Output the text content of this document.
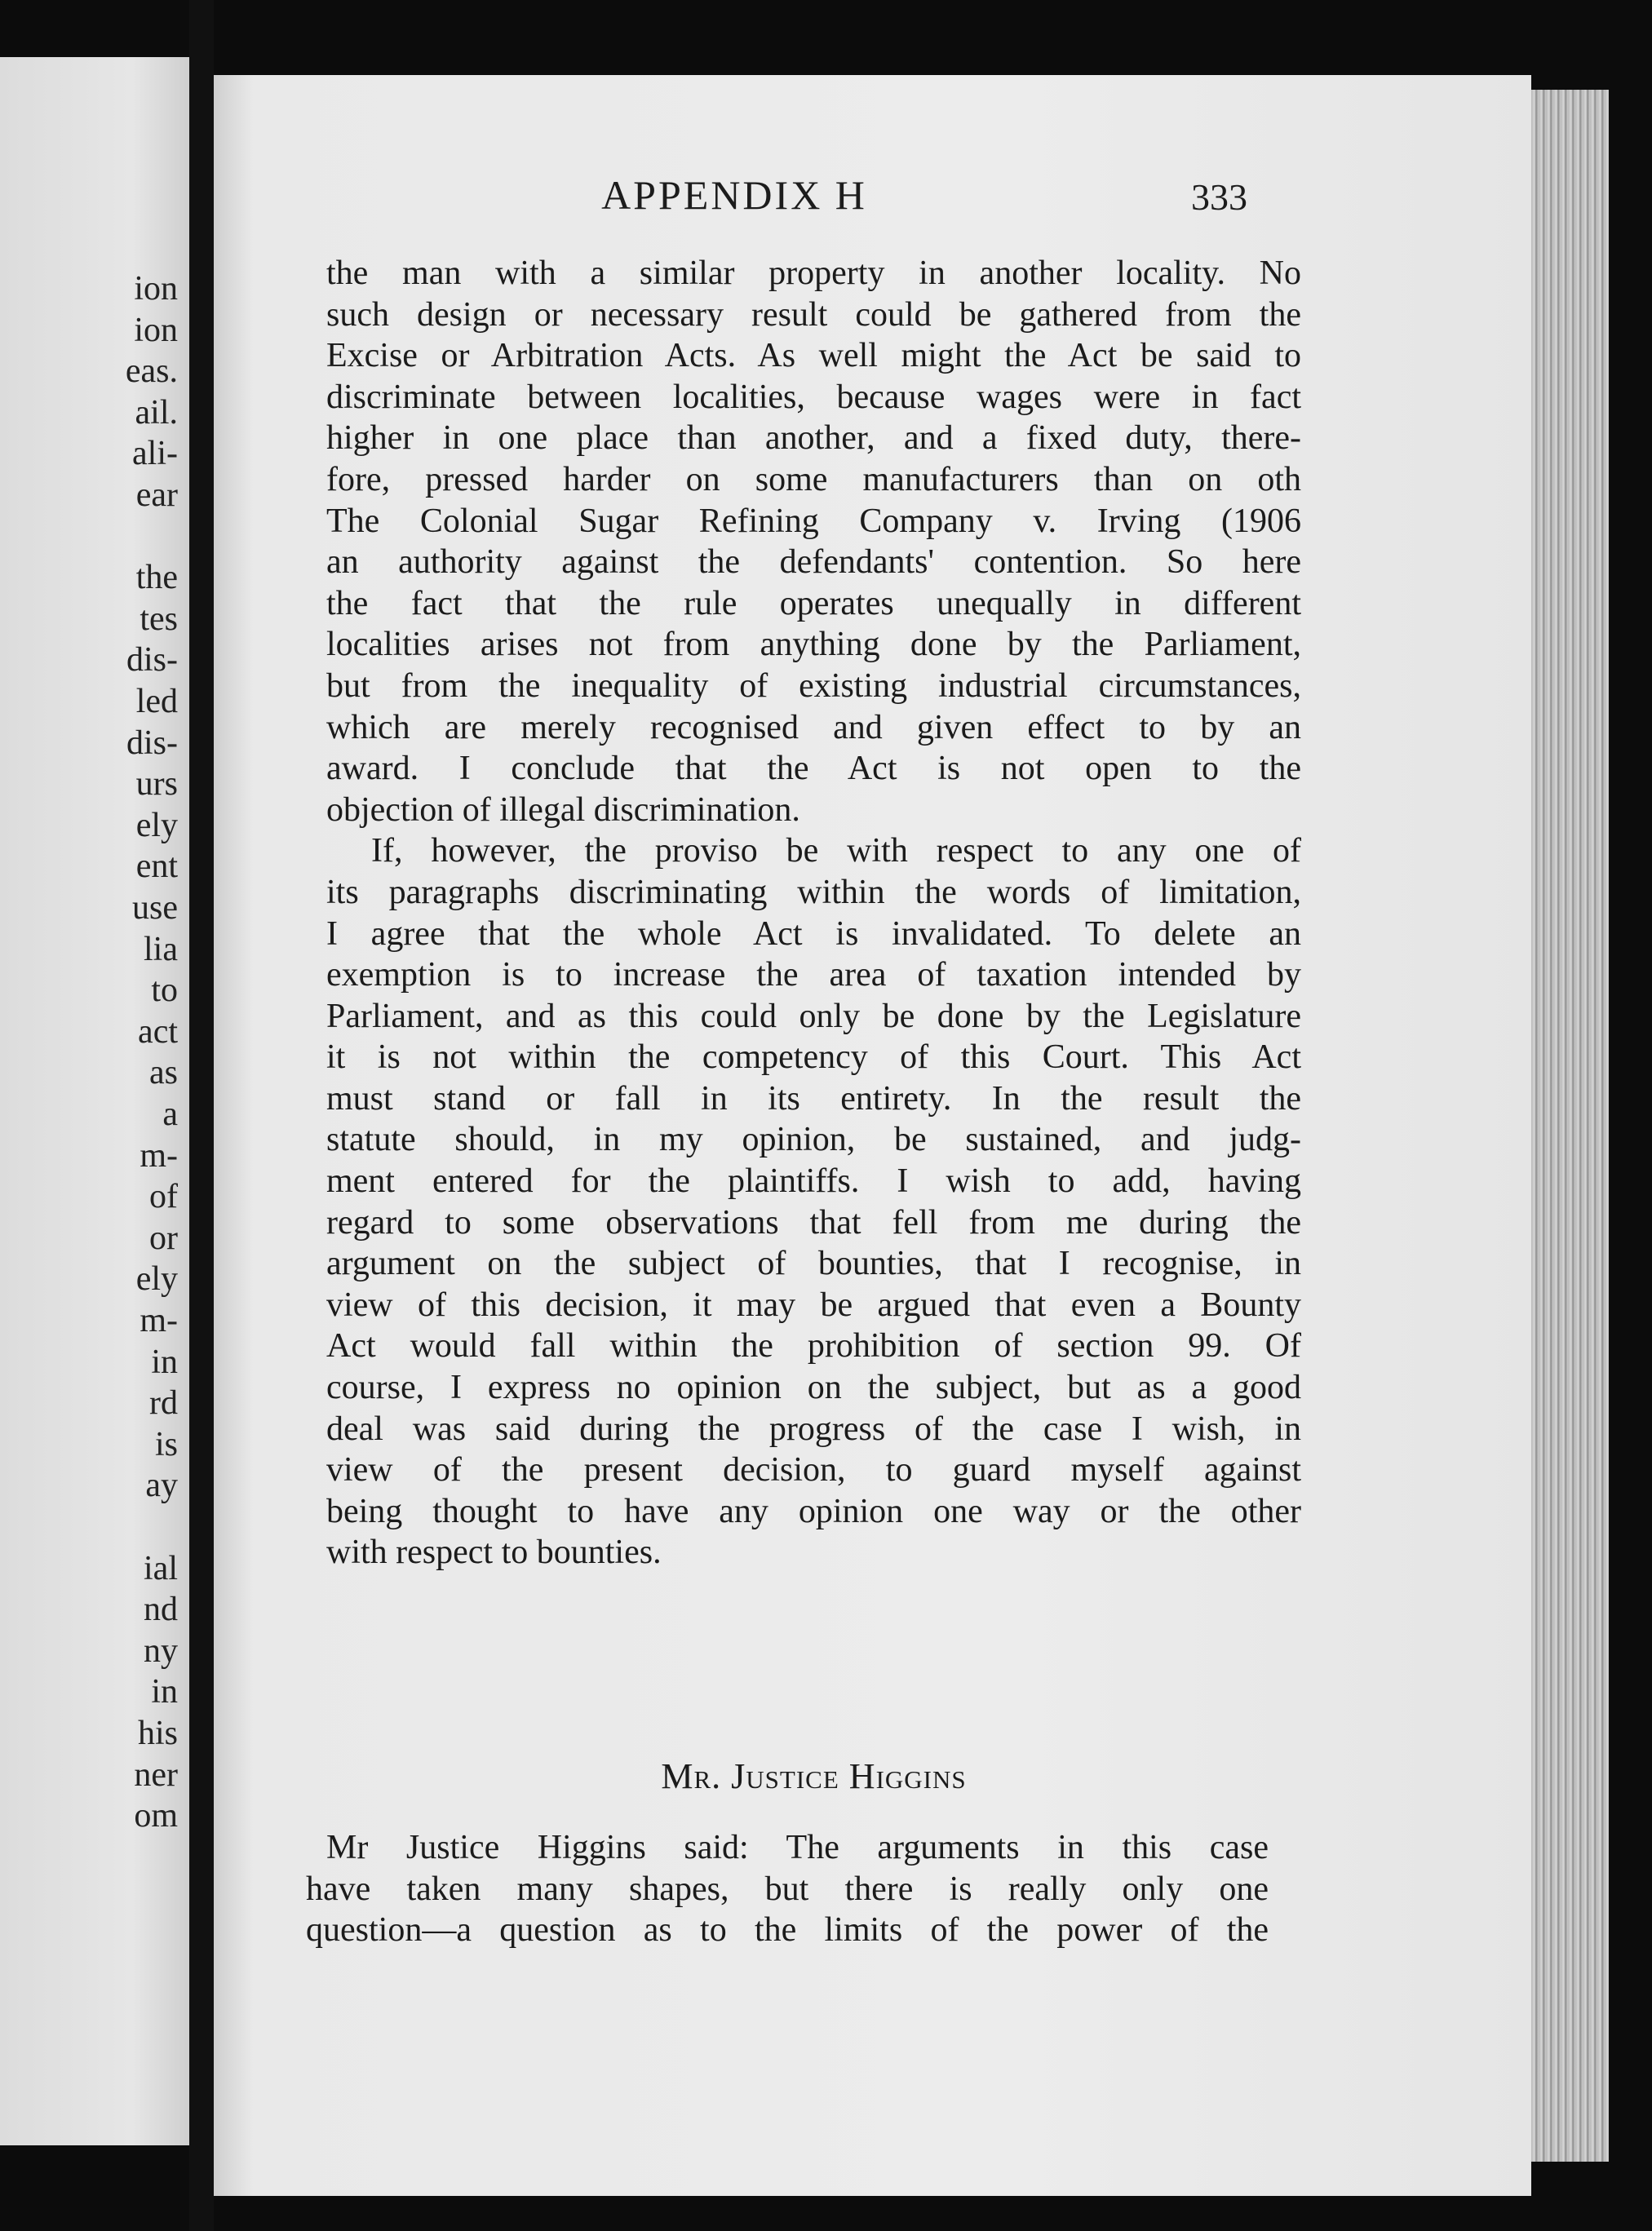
ion
ion
eas.
ail.
ali-
ear
the
tes
dis-
led
dis-
urs
ely
ent
use
lia
to
act
as
a
m-
of
or
ely
m-
in
rd
is
ay
ial
nd
ny
in
his
ner
om
APPENDIX H	333
the man with a similar property in another locality. No
such design or necessary result could be gathered from the
Excise or Arbitration Acts. As well might the Act be said to
discriminate between localities, because wages were in fact
higher in one place than another, and a fixed duty, there-
fore, pressed harder on some manufacturers than on oth
The Colonial Sugar Refining Company v. Irving (1906
an authority against the defendants' contention. So here
the fact that the rule operates unequally in different
localities arises not from anything done by the Parliament,
but from the inequality of existing industrial circumstances,
which are merely recognised and given effect to by an
award. I conclude that the Act is not open to the
objection of illegal discrimination.
If, however, the proviso be with respect to any one of
its paragraphs discriminating within the words of limitation,
I agree that the whole Act is invalidated. To delete an
exemption is to increase the area of taxation intended by
Parliament, and as this could only be done by the Legislature
it is not within the competency of this Court. This Act
must stand or fall in its entirety. In the result the
statute should, in my opinion, be sustained, and judg-
ment entered for the plaintiffs. I wish to add, having
regard to some observations that fell from me during the
argument on the subject of bounties, that I recognise, in
view of this decision, it may be argued that even a Bounty
Act would fall within the prohibition of section 99. Of
course, I express no opinion on the subject, but as a good
deal was said during the progress of the case I wish, in
view of the present decision, to guard myself against
being thought to have any opinion one way or the other
with respect to bounties.
Mr. Justice Higgins
Mr Justice Higgins said: The arguments in this case
have taken many shapes, but there is really only one
question—a question as to the limits of the power of the
